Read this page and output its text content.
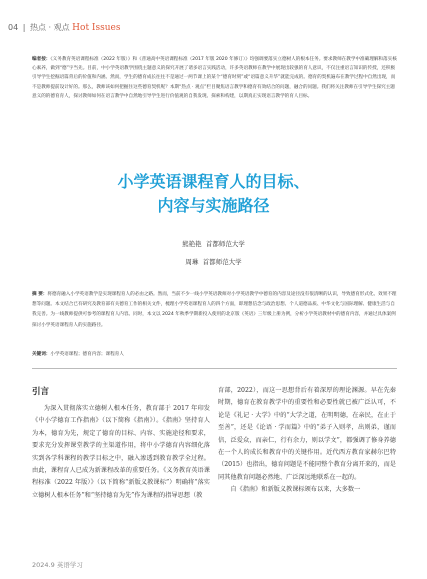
04 | 热点 · 观点 Hot Issues
编者按：《义务教育英语课程标准（2022 年版）》和《普通高中英语课程标准（2017 年版 2020 年修订）》均强调要落实立德树人的根本任务。要求教师在教学中准确理解和落实核心素养，做到“德”字当先。目前，中小学英语教学围绕主题意义的探究开展了诸多语言实践活动，许多英语教师在教学中展现出较强的育人意识，不仅注重语言知识的传授，还积极引导学生挖掘语篇背后的价值和内涵。然而，学生的德育成长往往不是通过一两节课上的某个“德育时刻”或“语篇意义升华”就能完成的。德育的契机遍布在教学过程中自然出现，而不是教师提前设计好的。那么，教师该如何把握住这些德育契机呢？本期“热点 · 观点”栏目聚焦语言教学和德育有效结合的问题，融合的问题。我们将关注教师在引导学生探究主题意义的的德育育人，探讨教师如何在语言教学中自然地引导学生进行价值观的自我发现、探索和构建，以期真正实现语言教学的育人目标。
小学英语课程育人的目标、
内容与实施路径
熊艳艳 首都师范大学
周琳 首都师范大学
摘 要：将德育融入小学英语教学是实现课程育人的必由之路。然而，当前不少一线小学英语教师对小学英语教学中德育的内容及途径没有很清晰的认识，导致德育形式化、效果不理想等问题。本文结合已有研究及教育部有关德育工作的相关文件，梳理小学英语课程育人的四个方面，即理想信念与政治思想、个人道德品质、中华文化与国际理解、健康生活与自我完善。为一线教师提供可参考的课程育人内容。同时，本文以 2024 年秋季学期新投入使用的北京版《英语》三年级上册为例，分析小学英语教材中的德育内容，并通过具体案例探讨小学英语课程育人的实施路径。
关键词：小学英语课程；德育内容；课程育人
引言
为深入贯彻落实立德树人根本任务，教育部于 2017 年印发《中小学德育工作指南》（以下简称《指南》）。《指南》坚持育人为本，德育为先，规定了德育的目标、内容、实施途径和要求，要求充分发挥课堂教学的主渠道作用，将中小学德育内容细化落实到各学科课程的教学目标之中，融入渗透到教育教学全过程。由此，课程育人已成为新课程改革的重要任务。《义务教育英语课程标准（2022 年版）》（以下简称“新版义教课标”）明确将“落实立德树人根本任务”和“坚持德育为先”作为课程的指导思想（教
育部，2022），而这一思想背后有着深厚的理论渊源。早在先秦时期，德育在教育教学中的重要性和必要性就已被广泛认可，不论是《礼记 · 大学》中的“大学之道，在明明德，在亲民，在止于至善”，还是《论语 · 学而篇》中的“弟子入则孝，出则弟，谨而信，泛爱众，而亲仁，行有余力，则以学文”，都强调了修身养德在一个人的成长和教育中的关键作用。近代西方教育家赫尔巴特（2015）也指出，德育问题是不能同整个教育分离开来的，而是同其他教育问题必然地、广泛深远地联系在一起的。
　　自《指南》和新版义教课标颁布以来，大多数一
2024.9 英语学习
